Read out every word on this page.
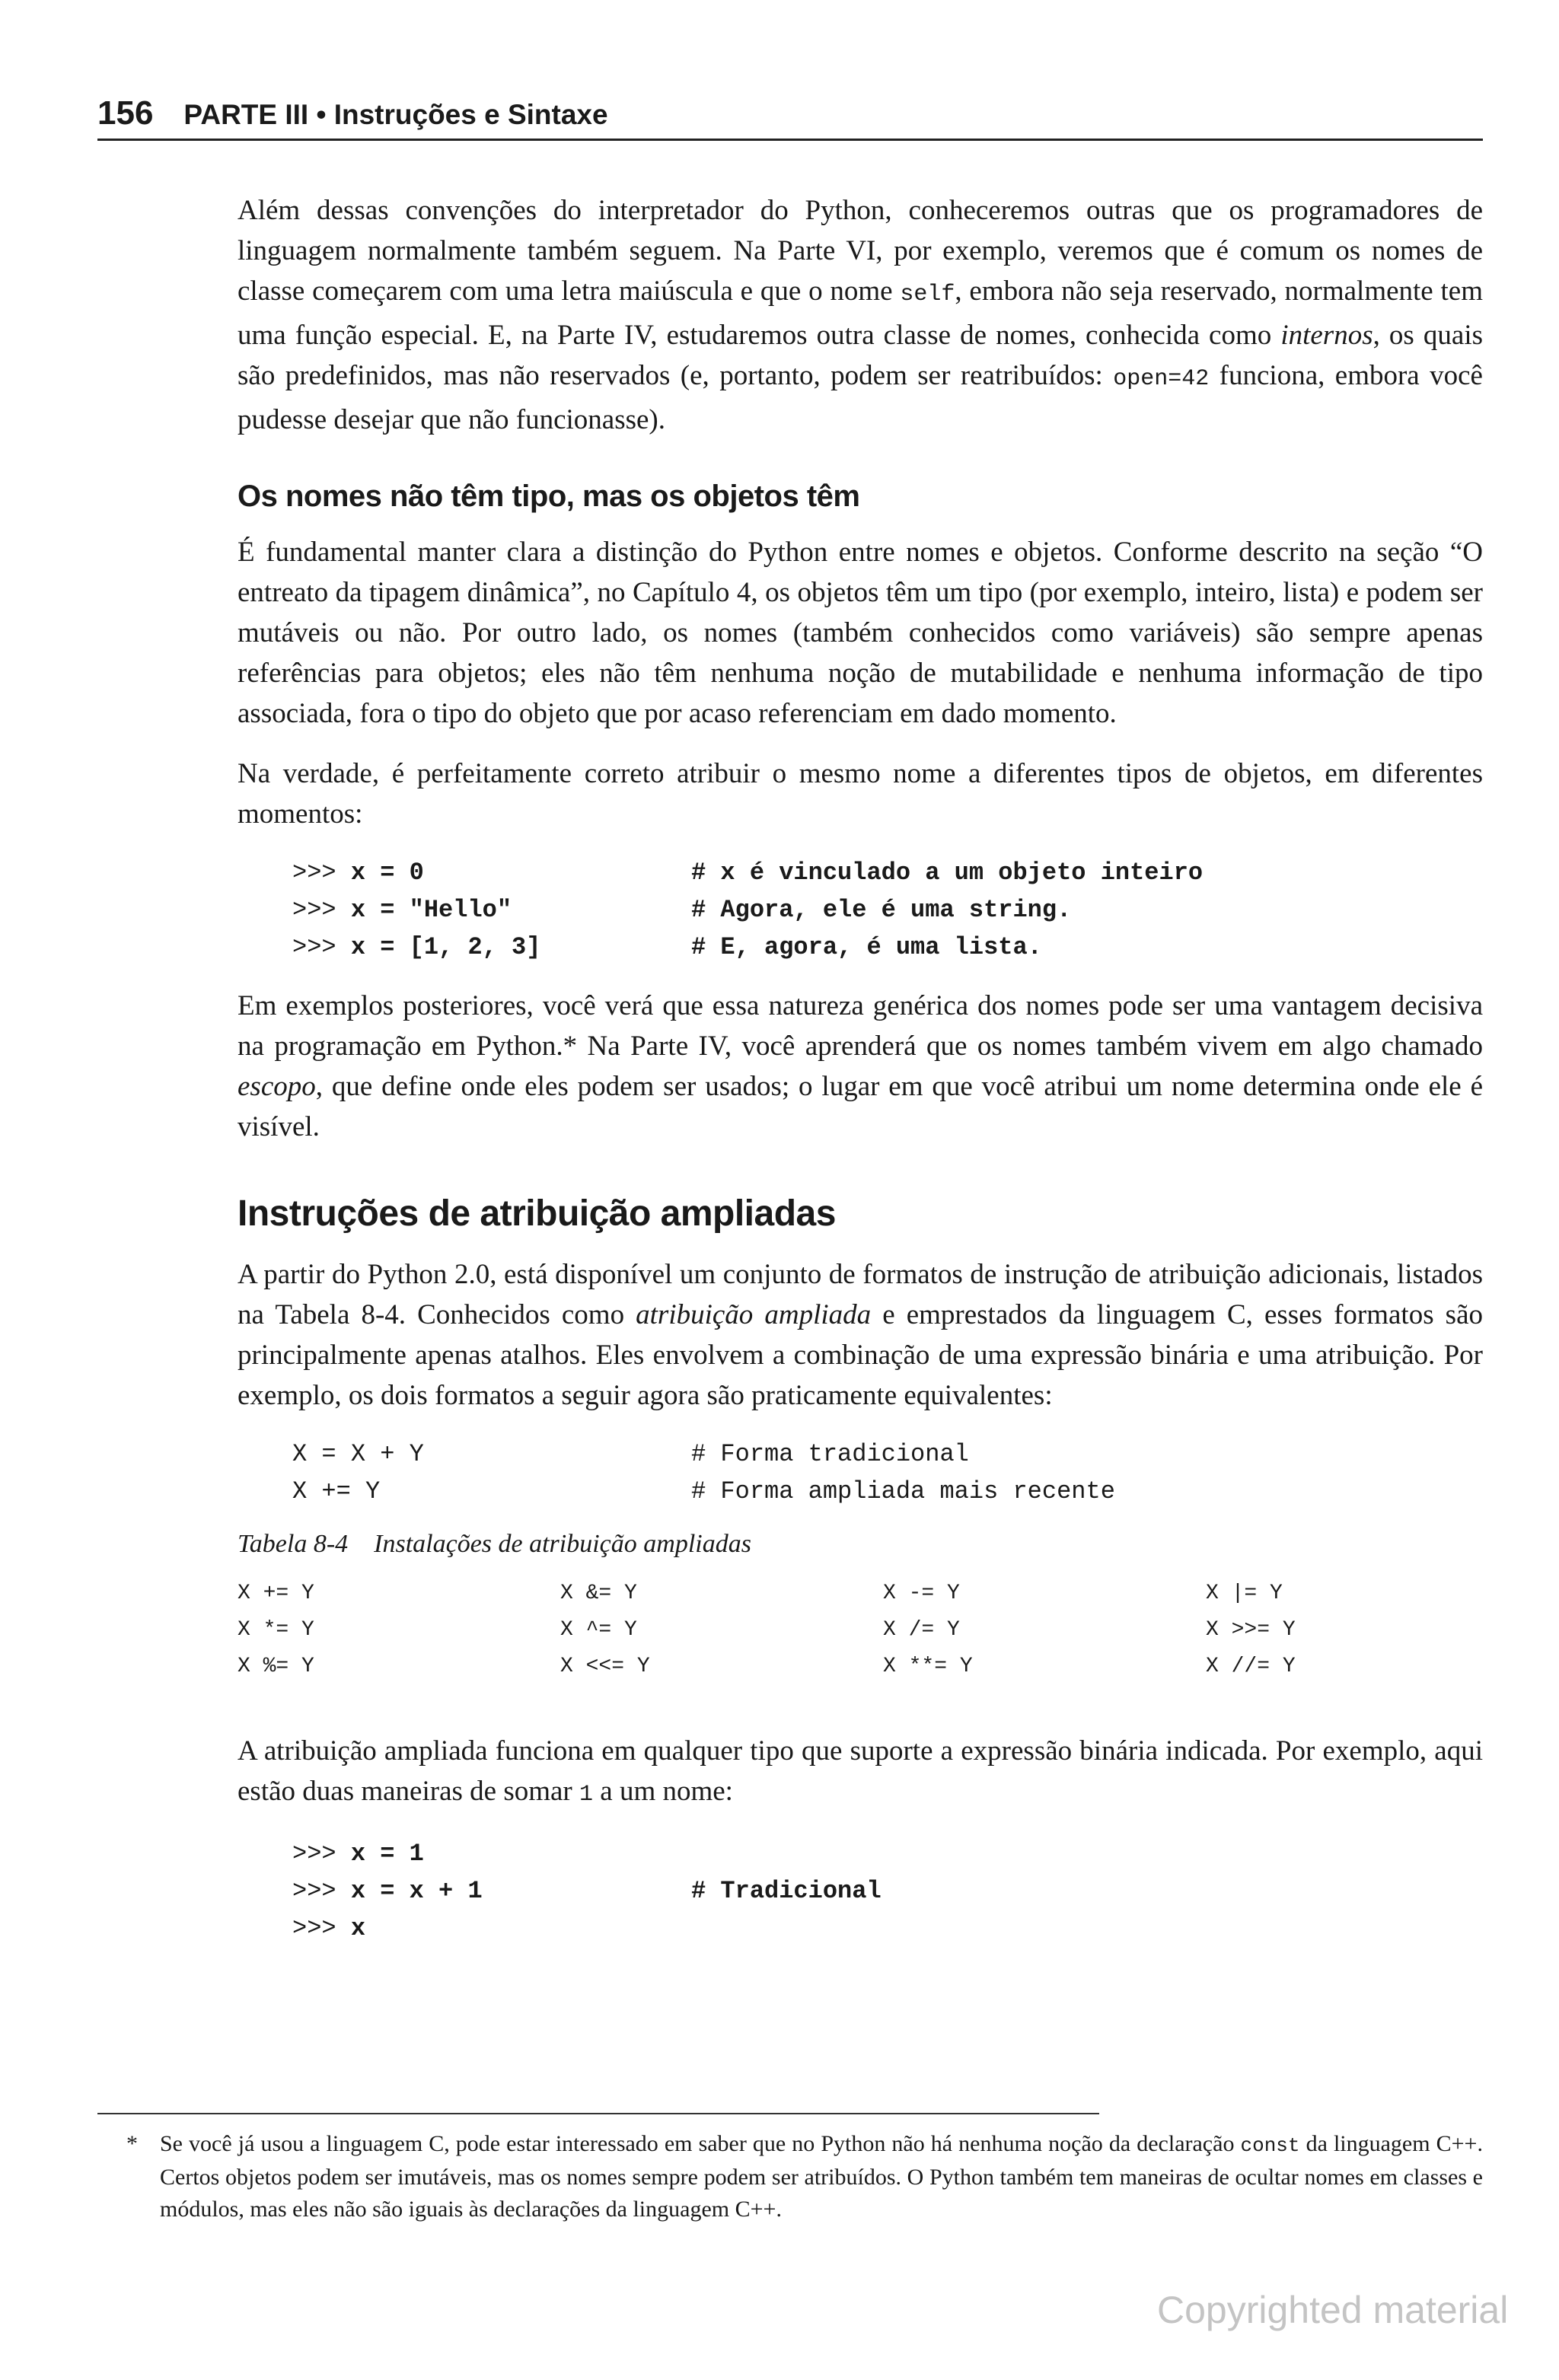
156 PARTE III • Instruções e Sintaxe

Além dessas convenções do interpretador do Python, conheceremos outras que os programadores de linguagem normalmente também seguem. Na Parte VI, por exemplo, veremos que é comum os nomes de classe começarem com uma letra maiúscula e que o nome self, embora não seja reservado, normalmente tem uma função especial. E, na Parte IV, estudaremos outra classe de nomes, conhecida como internos, os quais são predefinidos, mas não reservados (e, portanto, podem ser reatribuídos: open=42 funciona, embora você pudesse desejar que não funcionasse).

Os nomes não têm tipo, mas os objetos têm

É fundamental manter clara a distinção do Python entre nomes e objetos. Conforme descrito na seção “O entreato da tipagem dinâmica”, no Capítulo 4, os objetos têm um tipo (por exemplo, inteiro, lista) e podem ser mutáveis ou não. Por outro lado, os nomes (também conhecidos como variáveis) são sempre apenas referências para objetos; eles não têm nenhuma noção de mutabilidade e nenhuma informação de tipo associada, fora o tipo do objeto que por acaso referenciam em dado momento.

Na verdade, é perfeitamente correto atribuir o mesmo nome a diferentes tipos de objetos, em diferentes momentos:

>>> x = 0	# x é vinculado a um objeto inteiro
>>> x = "Hello"	# Agora, ele é uma string.
>>> x = [1, 2, 3]	# E, agora, é uma lista.

Em exemplos posteriores, você verá que essa natureza genérica dos nomes pode ser uma vantagem decisiva na programação em Python.* Na Parte IV, você aprenderá que os nomes também vivem em algo chamado escopo, que define onde eles podem ser usados; o lugar em que você atribui um nome determina onde ele é visível.

Instruções de atribuição ampliadas

A partir do Python 2.0, está disponível um conjunto de formatos de instrução de atribuição adicionais, listados na Tabela 8-4. Conhecidos como atribuição ampliada e emprestados da linguagem C, esses formatos são principalmente apenas atalhos. Eles envolvem a combinação de uma expressão binária e uma atribuição. Por exemplo, os dois formatos a seguir agora são praticamente equivalentes:

X = X + Y	# Forma tradicional
X += Y	# Forma ampliada mais recente
Tabela 8-4 Instalações de atribuição ampliadas
X += Y	X &= Y	X -= Y	X |= Y
X *= Y	X ^= Y	X /= Y	X >>= Y
X %= Y	X <<= Y	X **= Y	X //= Y

A atribuição ampliada funciona em qualquer tipo que suporte a expressão binária indicada. Por exemplo, aqui estão duas maneiras de somar 1 a um nome:

>>> x = 1
>>> x = x + 1	# Tradicional
>>> x
* Se você já usou a linguagem C, pode estar interessado em saber que no Python não há nenhuma noção da declaração const da linguagem C++. Certos objetos podem ser imutáveis, mas os nomes sempre podem ser atribuídos. O Python também tem maneiras de ocultar nomes em classes e módulos, mas eles não são iguais às declarações da linguagem C++.
Copyrighted material
